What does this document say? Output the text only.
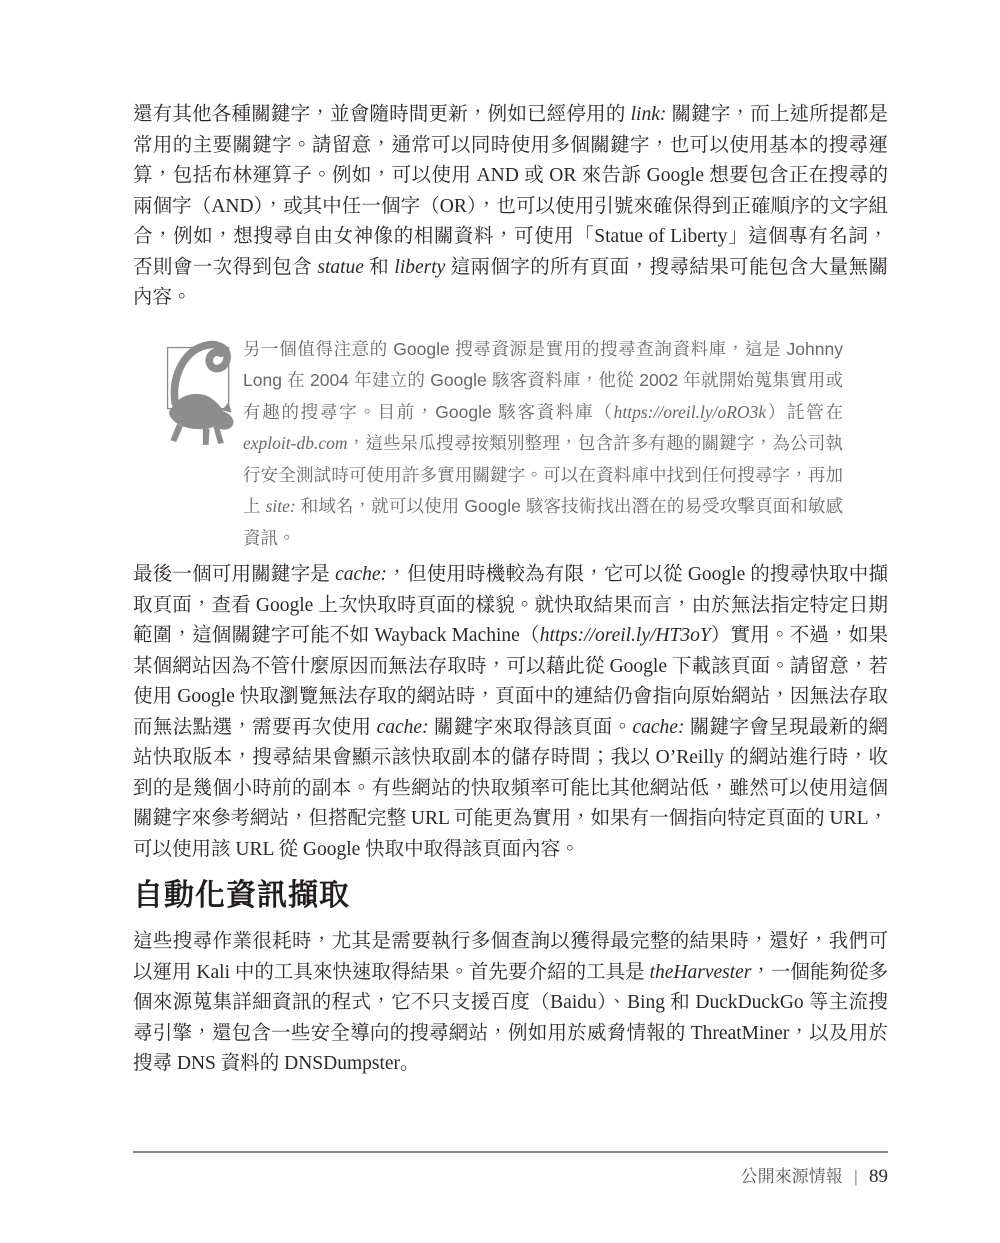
還有其他各種關鍵字，並會隨時間更新，例如已經停用的 link: 關鍵字，而上述所提都是常用的主要關鍵字。請留意，通常可以同時使用多個關鍵字，也可以使用基本的搜尋運算，包括布林運算子。例如，可以使用 AND 或 OR 來告訴 Google 想要包含正在搜尋的兩個字（AND），或其中任一個字（OR），也可以使用引號來確保得到正確順序的文字組合，例如，想搜尋自由女神像的相關資料，可使用「Statue of Liberty」這個專有名詞，否則會一次得到包含 statue 和 liberty 這兩個字的所有頁面，搜尋結果可能包含大量無關內容。

另一個值得注意的 Google 搜尋資源是實用的搜尋查詢資料庫，這是 Johnny Long 在 2004 年建立的 Google 駭客資料庫，他從 2002 年就開始蒐集實用或有趣的搜尋字。目前，Google 駭客資料庫（https://oreil.ly/oRO3k）託管在 exploit-db.com，這些呆瓜搜尋按類別整理，包含許多有趣的關鍵字，為公司執行安全測試時可使用許多實用關鍵字。可以在資料庫中找到任何搜尋字，再加上 site: 和域名，就可以使用 Google 駭客技術找出潛在的易受攻擊頁面和敏感資訊。

最後一個可用關鍵字是 cache:，但使用時機較為有限，它可以從 Google 的搜尋快取中擷取頁面，查看 Google 上次快取時頁面的樣貌。就快取結果而言，由於無法指定特定日期範圍，這個關鍵字可能不如 Wayback Machine（https://oreil.ly/HT3oY）實用。不過，如果某個網站因為不管什麼原因而無法存取時，可以藉此從 Google 下載該頁面。請留意，若使用 Google 快取瀏覽無法存取的網站時，頁面中的連結仍會指向原始網站，因無法存取而無法點選，需要再次使用 cache: 關鍵字來取得該頁面。cache: 關鍵字會呈現最新的網站快取版本，搜尋結果會顯示該快取副本的儲存時間；我以 O’Reilly 的網站進行時，收到的是幾個小時前的副本。有些網站的快取頻率可能比其他網站低，雖然可以使用這個關鍵字來參考網站，但搭配完整 URL 可能更為實用，如果有一個指向特定頁面的 URL，可以使用該 URL 從 Google 快取中取得該頁面內容。

自動化資訊擷取

這些搜尋作業很耗時，尤其是需要執行多個查詢以獲得最完整的結果時，還好，我們可以運用 Kali 中的工具來快速取得結果。首先要介紹的工具是 theHarvester，一個能夠從多個來源蒐集詳細資訊的程式，它不只支援百度（Baidu）、Bing 和 DuckDuckGo 等主流搜尋引擎，還包含一些安全導向的搜尋網站，例如用於威脅情報的 ThreatMiner，以及用於搜尋 DNS 資料的 DNSDumpster。

公開來源情報 | 89
